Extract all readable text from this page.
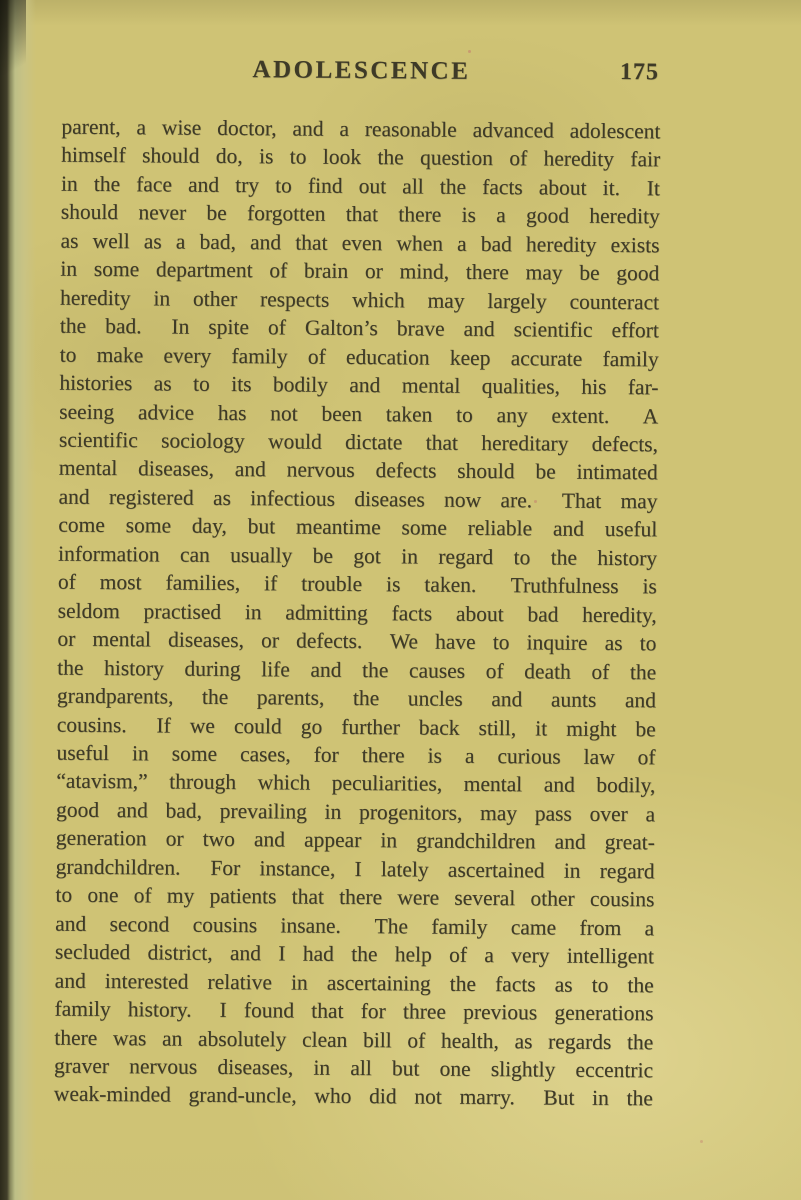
ADOLESCENCE	175
parent, a wise doctor, and a reasonable advanced adolescent
himself should do, is to look the question of heredity fair
in the face and try to find out all the facts about it.  It
should never be forgotten that there is a good heredity
as well as a bad, and that even when a bad heredity exists
in some department of brain or mind, there may be good
heredity in other respects which may largely counteract
the bad.  In spite of Galton’s brave and scientific effort
to make every family of education keep accurate family
histories as to its bodily and mental qualities, his far-
seeing advice has not been taken to any extent.  A
scientific sociology would dictate that hereditary defects,
mental diseases, and nervous defects should be intimated
and registered as infectious diseases now are.  That may
come some day, but meantime some reliable and useful
information can usually be got in regard to the history
of most families, if trouble is taken.  Truthfulness is
seldom practised in admitting facts about bad heredity,
or mental diseases, or defects.  We have to inquire as to
the history during life and the causes of death of the
grandparents, the parents, the uncles and aunts and
cousins.  If we could go further back still, it might be
useful in some cases, for there is a curious law of
“atavism,” through which peculiarities, mental and bodily,
good and bad, prevailing in progenitors, may pass over a
generation or two and appear in grandchildren and great-
grandchildren.  For instance, I lately ascertained in regard
to one of my patients that there were several other cousins
and second cousins insane.  The family came from a
secluded district, and I had the help of a very intelligent
and interested relative in ascertaining the facts as to the
family history.  I found that for three previous generations
there was an absolutely clean bill of health, as regards the
graver nervous diseases, in all but one slightly eccentric
weak-minded grand-uncle, who did not marry.  But in the
